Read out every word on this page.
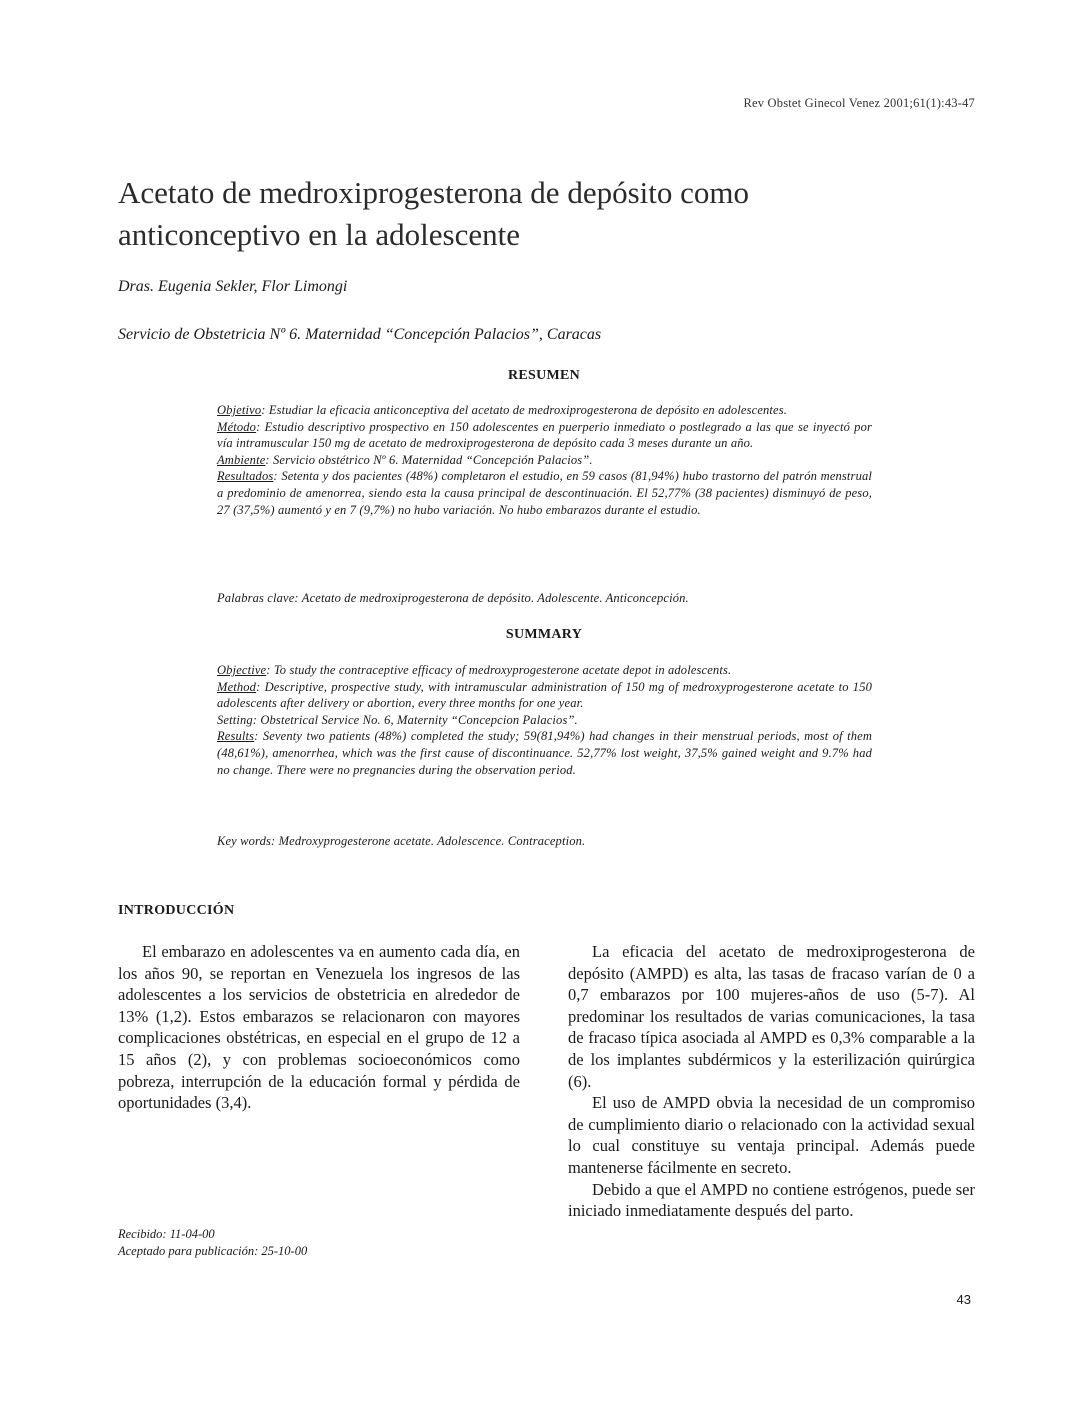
Rev Obstet Ginecol Venez 2001;61(1):43-47
Acetato de medroxiprogesterona de depósito como anticonceptivo en la adolescente
Dras. Eugenia Sekler, Flor Limongi
Servicio de Obstetricia Nº 6. Maternidad “Concepción Palacios”, Caracas
RESUMEN

Objetivo: Estudiar la eficacia anticonceptiva del acetato de medroxiprogesterona de depósito en adolescentes.

Método: Estudio descriptivo prospectivo en 150 adolescentes en puerperio inmediato o postlegrado a las que se inyectó por vía intramuscular 150 mg de acetato de medroxiprogesterona de depósito cada 3 meses durante un año.

Ambiente: Servicio obstétrico Nº 6. Maternidad “Concepción Palacios”.

Resultados: Setenta y dos pacientes (48%) completaron el estudio, en 59 casos (81,94%) hubo trastorno del patrón menstrual a predominio de amenorrea, siendo esta la causa principal de descontinuación. El 52,77% (38 pacientes) disminuyó de peso, 27 (37,5%) aumentó y en 7 (9,7%) no hubo variación. No hubo embarazos durante el estudio.

Palabras clave: Acetato de medroxiprogesterona de depósito. Adolescente. Anticoncepción.
SUMMARY

Objective: To study the contraceptive efficacy of medroxyprogesterone acetate depot in adolescents.

Method: Descriptive, prospective study, with intramuscular administration of 150 mg of medroxyprogesterone acetate to 150 adolescents after delivery or abortion, every three months for one year.

Setting: Obstetrical Service No. 6, Maternity “Concepcion Palacios”.

Results: Seventy two patients (48%) completed the study; 59(81,94%) had changes in their menstrual periods, most of them (48,61%), amenorrhea, which was the first cause of discontinuance. 52,77% lost weight, 37,5% gained weight and 9.7% had no change. There were no pregnancies during the observation period.

Key words: Medroxyprogesterone acetate. Adolescence. Contraception.
INTRODUCCIÓN

El embarazo en adolescentes va en aumento cada día, en los años 90, se reportan en Venezuela los ingresos de las adolescentes a los servicios de obstetricia en alrededor de 13% (1,2). Estos embarazos se relacionaron con mayores complicaciones obstétricas, en especial en el grupo de 12 a 15 años (2), y con problemas socioeconómicos como pobreza, interrupción de la educación formal y pérdida de oportunidades (3,4).

La eficacia del acetato de medroxiprogesterona de depósito (AMPD) es alta, las tasas de fracaso varían de 0 a 0,7 embarazos por 100 mujeres-años de uso (5-7). Al predominar los resultados de varias comunicaciones, la tasa de fracaso típica asociada al AMPD es 0,3% comparable a la de los implantes subdérmicos y la esterilización quirúrgica (6).

El uso de AMPD obvia la necesidad de un compromiso de cumplimiento diario o relacionado con la actividad sexual lo cual constituye su ventaja principal. Además puede mantenerse fácilmente en secreto.

Debido a que el AMPD no contiene estrógenos, puede ser iniciado inmediatamente después del parto.

Recibido: 11-04-00
Aceptado para publicación: 25-10-00
43
